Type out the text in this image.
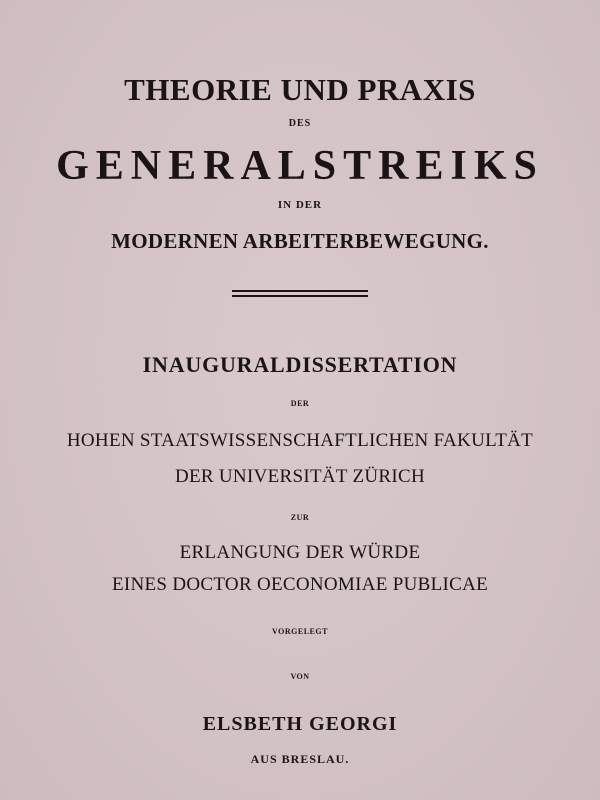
THEORIE UND PRAXIS

DES

GENERALSTREIKS

IN DER

MODERNEN ARBEITERBEWEGUNG.

INAUGURALDISSERTATION

DER

HOHEN STAATSWISSENSCHAFTLICHEN FAKULTÄT

DER UNIVERSITÄT ZÜRICH

ZUR

ERLANGUNG DER WÜRDE

EINES DOCTOR OECONOMIAE PUBLICAE

VORGELEGT

VON

ELSBETH GEORGI

AUS BRESLAU.
